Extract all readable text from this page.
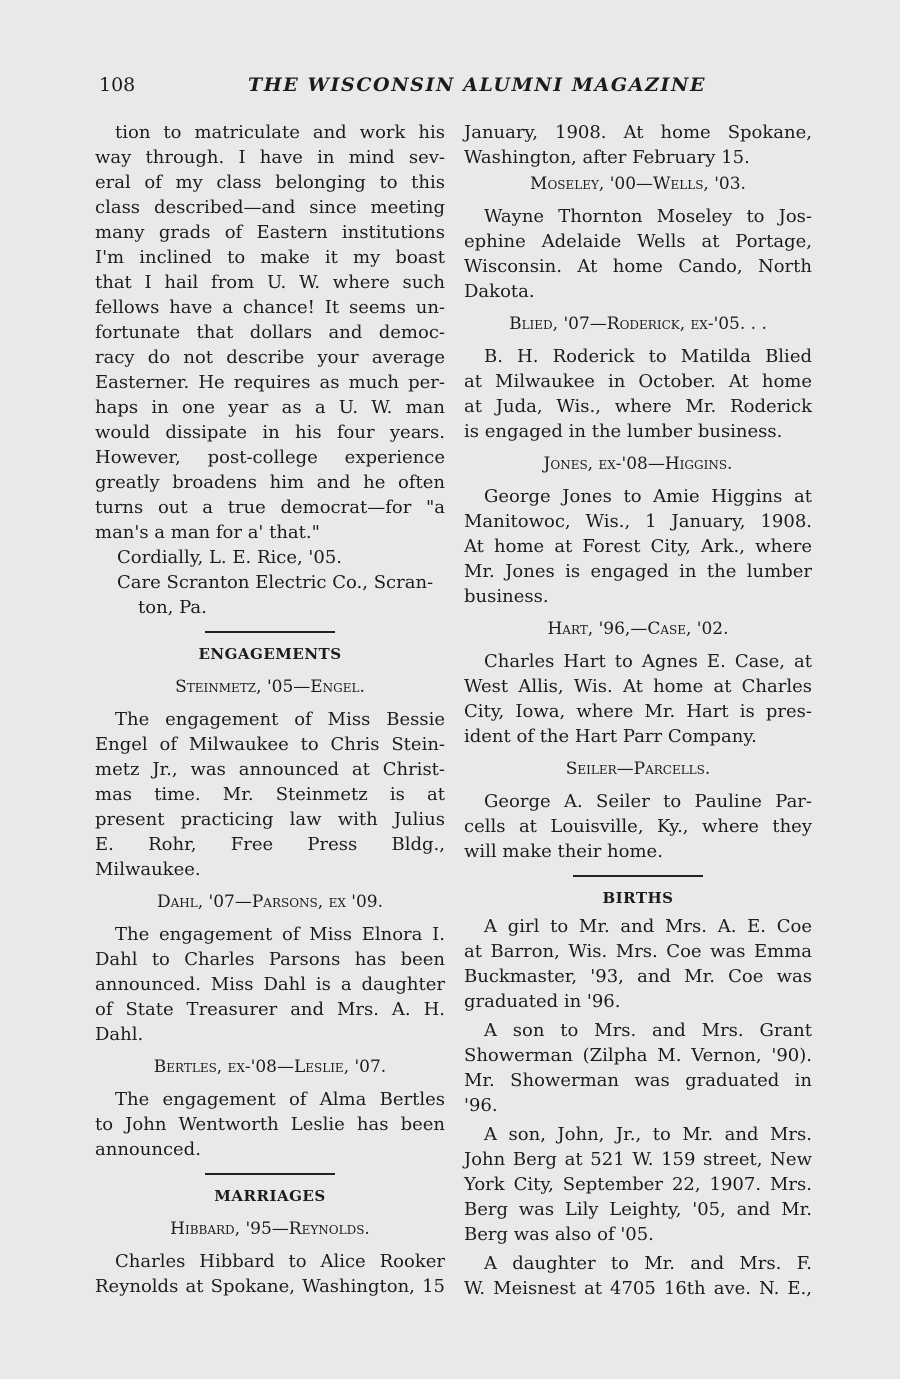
108	THE WISCONSIN ALUMNI MAGAZINE

tion to matriculate and work his

way through. I have in mind sev-

eral of my class belonging to this

class described—and since meeting

many grads of Eastern institutions

I'm inclined to make it my boast

that I hail from U. W. where such

fellows have a chance! It seems un-

fortunate that dollars and democ-

racy do not describe your average

Easterner. He requires as much per-

haps in one year as a U. W. man

would dissipate in his four years.

However, post-college experience

greatly broadens him and he often

turns out a true democrat—for "a

man's a man for a' that."

Cordially, L. E. Rice, '05.

Care Scranton Electric Co., Scran-

ton, Pa.

ENGAGEMENTS

Steinmetz, '05—Engel.

The engagement of Miss Bessie

Engel of Milwaukee to Chris Stein-

metz Jr., was announced at Christ-

mas time. Mr. Steinmetz is at

present practicing law with Julius

E. Rohr, Free Press Bldg.,

Milwaukee.

Dahl, '07—Parsons, ex '09.

The engagement of Miss Elnora I.

Dahl to Charles Parsons has been

announced. Miss Dahl is a daughter

of State Treasurer and Mrs. A. H.

Dahl.

Bertles, ex-'08—Leslie, '07.

The engagement of Alma Bertles

to John Wentworth Leslie has been

announced.

MARRIAGES

Hibbard, '95—Reynolds.

Charles Hibbard to Alice Rooker

Reynolds at Spokane, Washington, 15

January, 1908. At home Spokane,

Washington, after February 15.

Moseley, '00—Wells, '03.

Wayne Thornton Moseley to Jos-

ephine Adelaide Wells at Portage,

Wisconsin. At home Cando, North

Dakota.

Blied, '07—Roderick, ex-'05. . .

B. H. Roderick to Matilda Blied

at Milwaukee in October. At home

at Juda, Wis., where Mr. Roderick

is engaged in the lumber business.

Jones, ex-'08—Higgins.

George Jones to Amie Higgins at

Manitowoc, Wis., 1 January, 1908.

At home at Forest City, Ark., where

Mr. Jones is engaged in the lumber

business.

Hart, '96,—Case, '02.

Charles Hart to Agnes E. Case, at

West Allis, Wis. At home at Charles

City, Iowa, where Mr. Hart is pres-

ident of the Hart Parr Company.

Seiler—Parcells.

George A. Seiler to Pauline Par-

cells at Louisville, Ky., where they

will make their home.

BIRTHS

A girl to Mr. and Mrs. A. E. Coe

at Barron, Wis. Mrs. Coe was Emma

Buckmaster, '93, and Mr. Coe was

graduated in '96.

A son to Mrs. and Mrs. Grant

Showerman (Zilpha M. Vernon, '90).

Mr. Showerman was graduated in

'96.

A son, John, Jr., to Mr. and Mrs.

John Berg at 521 W. 159 street, New

York City, September 22, 1907. Mrs.

Berg was Lily Leighty, '05, and Mr.

Berg was also of '05.

A daughter to Mr. and Mrs. F.

W. Meisnest at 4705 16th ave. N. E.,
